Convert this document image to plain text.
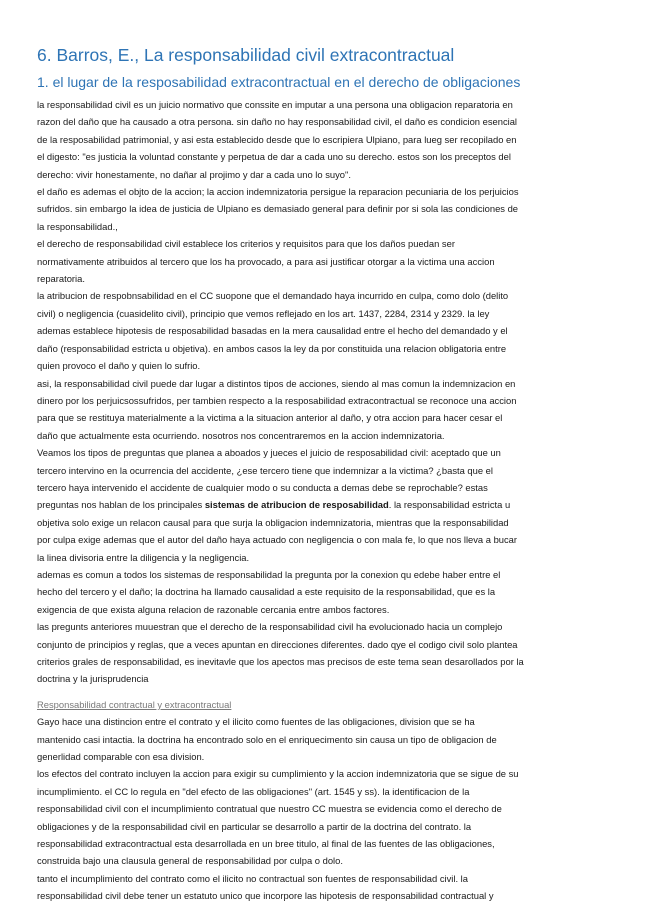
6. Barros, E., La responsabilidad civil extracontractual
1. el lugar de la resposabilidad extracontractual en el derecho de obligaciones
la responsabilidad civil es un juicio normativo que conssite en imputar a una persona una obligacion reparatoria en
razon del daño que ha causado a otra persona. sin daño no hay responsabilidad civil, el daño es condicion esencial
de la resposabilidad patrimonial, y asi esta establecido desde que lo escripiera Ulpiano, para lueg ser recopilado en
el digesto: "es justicia la voluntad constante y perpetua de dar a cada uno su derecho. estos son los preceptos del
derecho: vivir honestamente, no dañar al projimo y dar a cada uno lo suyo".
el daño es ademas el objto de la accion; la accion indemnizatoria persigue la reparacion pecuniaria de los perjuicios
sufridos. sin embargo la idea de justicia de Ulpiano es demasiado general para definir por si sola las condiciones de
la responsabilidad.,
el derecho de responsabilidad civil establece los criterios y requisitos para que los daños puedan ser
normativamente atribuidos al tercero que los ha provocado, a para asi justificar otorgar a la victima una accion
reparatoria.
la atribucion de respobnsabilidad en el CC suopone que el demandado haya incurrido en culpa, como dolo (delito
civil) o negligencia (cuasidelito civil), principio que vemos reflejado en los art. 1437, 2284, 2314 y 2329. la ley
ademas establece hipotesis de resposabilidad basadas en la mera causalidad entre el hecho del demandado y el
daño (responsabilidad estricta u objetiva). en ambos casos la ley da por constituida una relacion obligatoria entre
quien provoco el daño y quien lo sufrio.
asi, la responsabilidad civil puede dar lugar a distintos tipos de acciones, siendo al mas comun la indemnizacion en
dinero por los perjuicsossufridos, per tambien respecto a la resposabilidad extracontractual se reconoce una accion
para que se restituya materialmente a la victima a la situacion anterior al daño, y otra accion para hacer cesar el
daño que actualmente esta ocurriendo. nosotros nos concentraremos en la accion indemnizatoria.
Veamos los tipos de preguntas que planea a aboados y jueces el juicio de resposabilidad civil: aceptado que un
tercero intervino en la ocurrencia del accidente, ¿ese tercero tiene que indemnizar a la victima? ¿basta que el
tercero haya intervenido el accidente de cualquier modo o su conducta a demas debe se reprochable? estas
preguntas nos hablan de los principales sistemas de atribucion de resposabilidad. la responsabilidad estricta u
objetiva solo exige un relacon causal para que surja la obligacion indemnizatoria, mientras que la responsabilidad
por culpa exige ademas que el autor del daño haya actuado con negligencia o con mala fe, lo que nos lleva a bucar
la linea divisoria entre la diligencia y la negligencia.
ademas es comun a todos los sistemas de responsabilidad la pregunta por la conexion qu edebe haber entre el
hecho del tercero y el daño; la doctrina ha llamado causalidad a este requisito de la responsabilidad, que es la
exigencia de que exista alguna relacion de razonable cercania entre ambos factores.
las pregunts anteriores muuestran que el derecho de la responsabilidad civil ha evolucionado hacia un complejo
conjunto de principios y reglas, que a veces apuntan en direcciones diferentes. dado qye el codigo civil solo plantea
criterios grales de responsabilidad, es inevitavle que los apectos mas precisos de este tema sean desarollados por la
doctrina y la jurisprudencia
Responsabilidad contractual y extracontractual
Gayo hace una distincion entre el contrato y el ilicito como fuentes de las obligaciones, division que se ha
mantenido casi intactia. la doctrina ha encontrado solo en el enriquecimento sin causa un tipo de obligacion de
generlidad comparable con esa division.
los efectos del contrato incluyen la accion para exigir su cumplimiento y la accion indemnizatoria que se sigue de su
incumplimiento. el CC lo regula en "del efecto de las obligaciones" (art. 1545 y ss). la identificacion de la
responsabilidad civil con el incumplimiento contratual que nuestro CC muestra se evidencia como el derecho de
obligaciones y de la responsabilidad civil en particular se desarrollo a partir de la doctrina del contrato. la
responsabilidad extracontractual esta desarrollada en un bree titulo, al final de las fuentes de las obligaciones,
construida bajo una clausula general de responsabilidad por culpa o dolo.
tanto el incumplimiento del contrato como el ilicito no contractual son fuentes de responsabilidad civil. la
responsabilidad civil debe tener un estatuto unico que incorpore las hipotesis de responsabilidad contractual y
